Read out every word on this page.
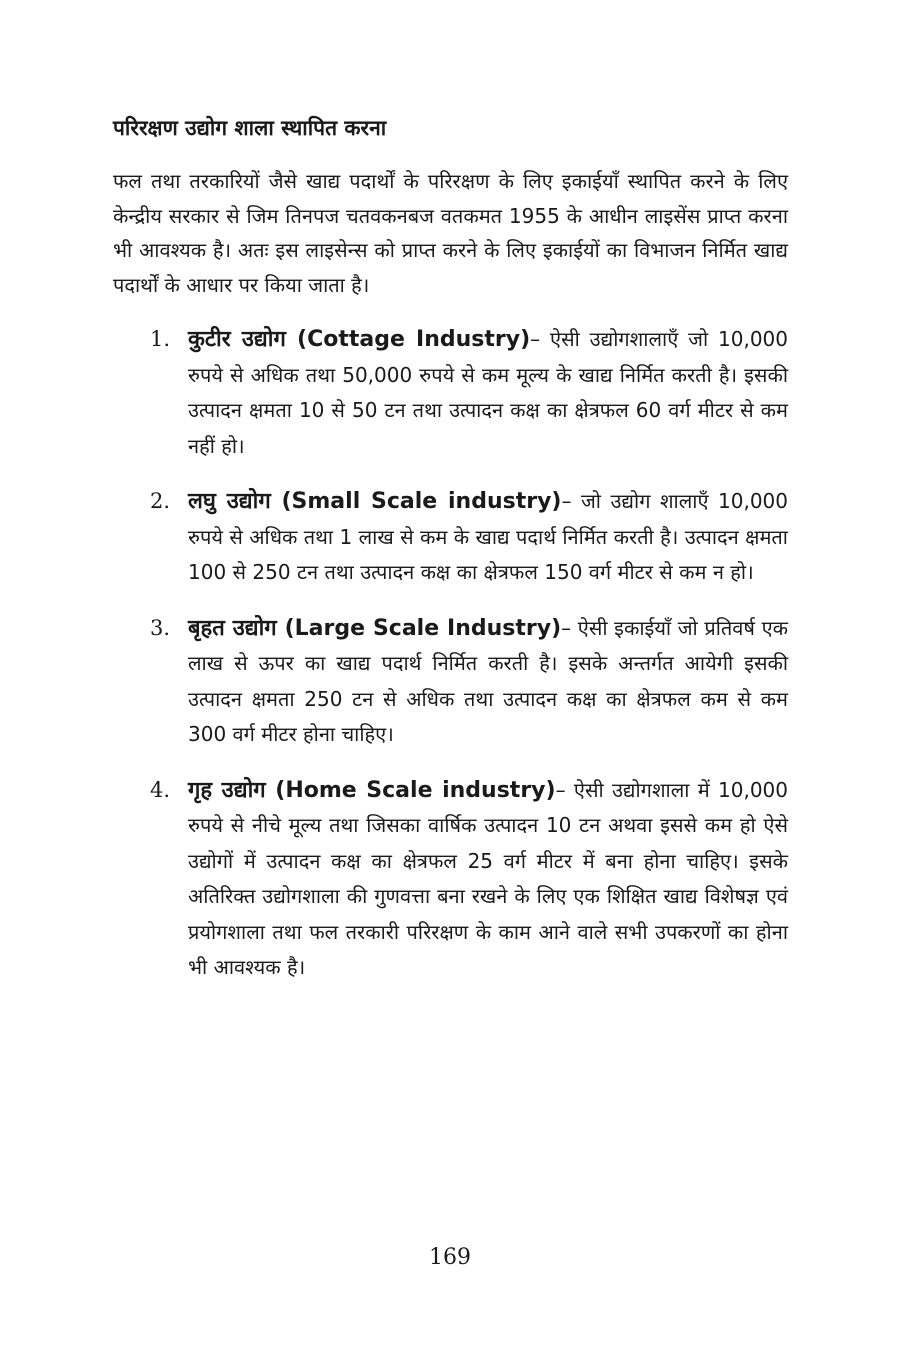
परिरक्षण उद्योग शाला स्थापित करना

फल तथा तरकारियों जैसे खाद्य पदार्थों के परिरक्षण के लिए इकाईयाँ स्थापित करने के लिए केन्द्रीय सरकार से जिम तिनपज चतवकनबज वतकमत 1955 के आधीन लाइसेंस प्राप्त करना भी आवश्यक है। अतः इस लाइसेन्स को प्राप्त करने के लिए इकाईयों का विभाजन निर्मित खाद्य पदार्थों के आधार पर किया जाता है।

1. कुटीर उद्योग (Cottage Industry)– ऐसी उद्योगशालाएँ जो 10,000 रुपये से अधिक तथा 50,000 रुपये से कम मूल्य के खाद्य निर्मित करती है। इसकी उत्पादन क्षमता 10 से 50 टन तथा उत्पादन कक्ष का क्षेत्रफल 60 वर्ग मीटर से कम नहीं हो।
2. लघु उद्योग (Small Scale industry)– जो उद्योग शालाएँ 10,000 रुपये से अधिक तथा 1 लाख से कम के खाद्य पदार्थ निर्मित करती है। उत्पादन क्षमता 100 से 250 टन तथा उत्पादन कक्ष का क्षेत्रफल 150 वर्ग मीटर से कम न हो।
3. बृहत उद्योग (Large Scale Industry)– ऐसी इकाईयाँ जो प्रतिवर्ष एक लाख से ऊपर का खाद्य पदार्थ निर्मित करती है। इसके अन्तर्गत आयेगी इसकी उत्पादन क्षमता 250 टन से अधिक तथा उत्पादन कक्ष का क्षेत्रफल कम से कम 300 वर्ग मीटर होना चाहिए।
4. गृह उद्योग (Home Scale industry)– ऐसी उद्योगशाला में 10,000 रुपये से नीचे मूल्य तथा जिसका वार्षिक उत्पादन 10 टन अथवा इससे कम हो ऐसे उद्योगों में उत्पादन कक्ष का क्षेत्रफल 25 वर्ग मीटर में बना होना चाहिए। इसके अतिरिक्त उद्योगशाला की गुणवत्ता बना रखने के लिए एक शिक्षित खाद्य विशेषज्ञ एवं प्रयोगशाला तथा फल तरकारी परिरक्षण के काम आने वाले सभी उपकरणों का होना भी आवश्यक है।
169
